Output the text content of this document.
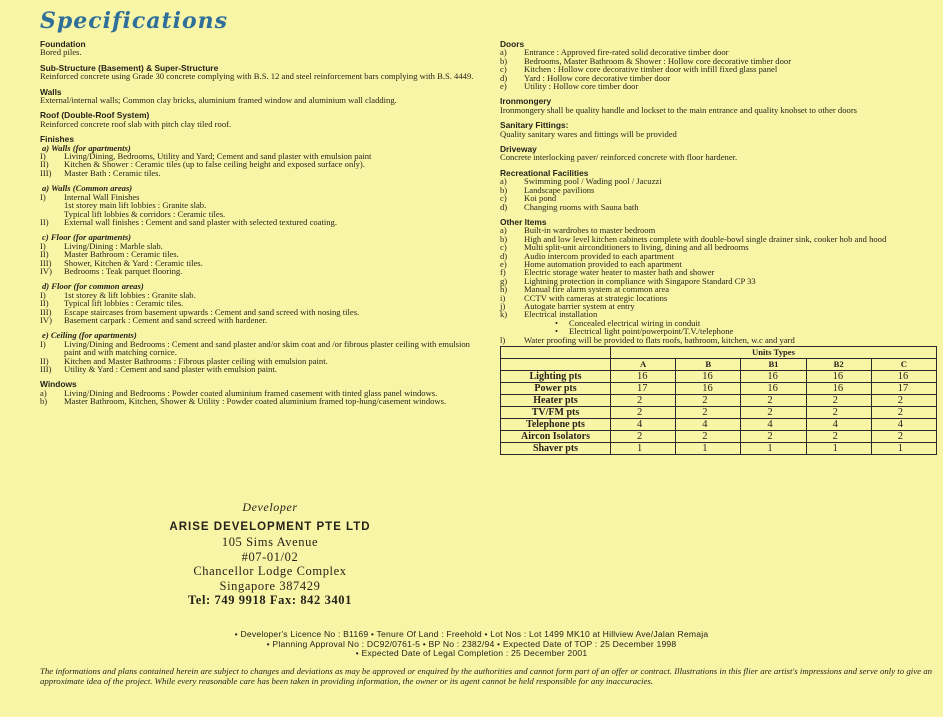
Specifications
Foundation
Bored piles.
Sub-Structure (Basement) & Super-Structure
Reinforced concrete using Grade 30 concrete complying with B.S. 12 and steel reinforcement bars complying with B.S. 4449.
Walls
External/internal walls; Common clay bricks, aluminium framed window and aluminium wall cladding.
Roof (Double-Roof System)
Reinforced concrete roof slab with pitch clay tiled roof.
Finishes
a) Walls (for apartments)
I)	Living/Dining, Bedrooms, Utility and Yard; Cement and sand plaster with emulsion paint
II)	Kitchen & Shower : Ceramic tiles (up to false ceiling height and exposed surface only).
III)	Master Bath : Ceramic tiles.
a) Walls (Common areas)
I)	Internal Wall Finishes
1st storey main lift lobbies : Granite slab.
Typical lift lobbies & corridors : Ceramic tiles.
II)	External wall finishes : Cement and sand plaster with selected textured coating.
c) Floor (for apartments)
I)	Living/Dining : Marble slab.
II)	Master Bathroom : Ceramic tiles.
III)	Shower, Kitchen & Yard : Ceramic tiles.
IV)	Bedrooms : Teak parquet flooring.
d) Floor (for common areas)
I)	1st storey & lift lobbies : Granite slab.
II)	Typical lift lobbies : Ceramic tiles.
III)	Escape staircases from basement upwards : Cement and sand screed with nosing tiles.
IV)	Basement carpark : Cement and sand screed with hardener.
e) Ceiling (for apartments)
I)	Living/Dining and Bedrooms : Cement and sand plaster and/or skim coat and /or fibrous plaster ceiling with emulsion paint and with matching cornice.
II)	Kitchen and Master Bathrooms : Fibrous plaster ceiling with emulsion paint.
III)	Utility & Yard : Cement and sand plaster with emulsion paint.
Windows
a)	Living/Dining and Bedrooms : Powder coated aluminium framed casement with tinted glass panel windows.
b)	Master Bathroom, Kitchen, Shower & Utility : Powder coated aluminium framed top-hung/casement windows.
Doors
a)	Entrance : Approved fire-rated solid decorative timber door
b)	Bedrooms, Master Bathroom & Shower : Hollow core decorative timber door
c)	Kitchen : Hollow core decorative timber door with infill fixed glass panel
d)	Yard : Hollow core decorative timber door
e)	Utility : Hollow core timber door
Ironmongery
Ironmongery shall be quality handle and lockset to the main entrance and quality knobset to other doors
Sanitary Fittings:
Quality sanitary wares and fittings will be provided
Driveway
Concrete interlocking paver/ reinforced concrete with floor hardener.
Recreational Facilities
a)	Swimming pool / Wading pool / Jacuzzi
b)	Landscape pavilions
c)	Koi pond
d)	Changing rooms with Sauna bath
Other Items
a)	Built-in wardrobes to master bedroom
b)	High and low level kitchen cabinets complete with double-bowl single drainer sink, cooker hob and hood
c)	Multi split-unit airconditioners to living, dining and all bedrooms
d)	Audio intercom provided to each apartment
e)	Home automation provided to each apartment
f)	Electric storage water heater to master bath and shower
g)	Lightning protection in compliance with Singapore Standard CP 33
h)	Manual fire alarm system at common area
i)	CCTV with cameras at strategic locations
j)	Autogate barrier system at entry
k)	Electrical installation
•	Concealed electrical wiring in conduit
•	Electrical light point/powerpoint/T.V./telephone
l)	Water proofing will be provided to flats roofs, bathroom, kitchen, w.c and yard
	Units Types				
	A	B	B1	B2	C
Lighting pts	16	16	16	16	16
Power pts	17	16	16	16	17
Heater pts	2	2	2	2	2
TV/FM pts	2	2	2	2	2
Telephone pts	4	4	4	4	4
Aircon Isolators	2	2	2	2	2
Shaver pts	1	1	1	1	1
Developer
ARISE DEVELOPMENT PTE LTD
105 Sims Avenue
#07-01/02
Chancellor Lodge Complex
Singapore 387429
Tel: 749 9918 Fax: 842 3401
• Developer's Licence No : B1169 • Tenure Of Land : Freehold • Lot Nos : Lot 1499 MK10 at Hillview Ave/Jalan Remaja
• Planning Approval No : DC92/0761-5 • BP No : 2382/94 • Expected Date of TOP : 25 December 1998
• Expected Date of Legal Completion : 25 December 2001
The informations and plans contained herein are subject to changes and deviations as may be approved or enquired by the authorities and cannot form part of an offer or contract. Illustrations in this flier are artist's impressions and serve only to give an approximate idea of the project. While every reasonable care has been taken in providing information, the owner or its agent cannot be held responsible for any inaccuracies.
